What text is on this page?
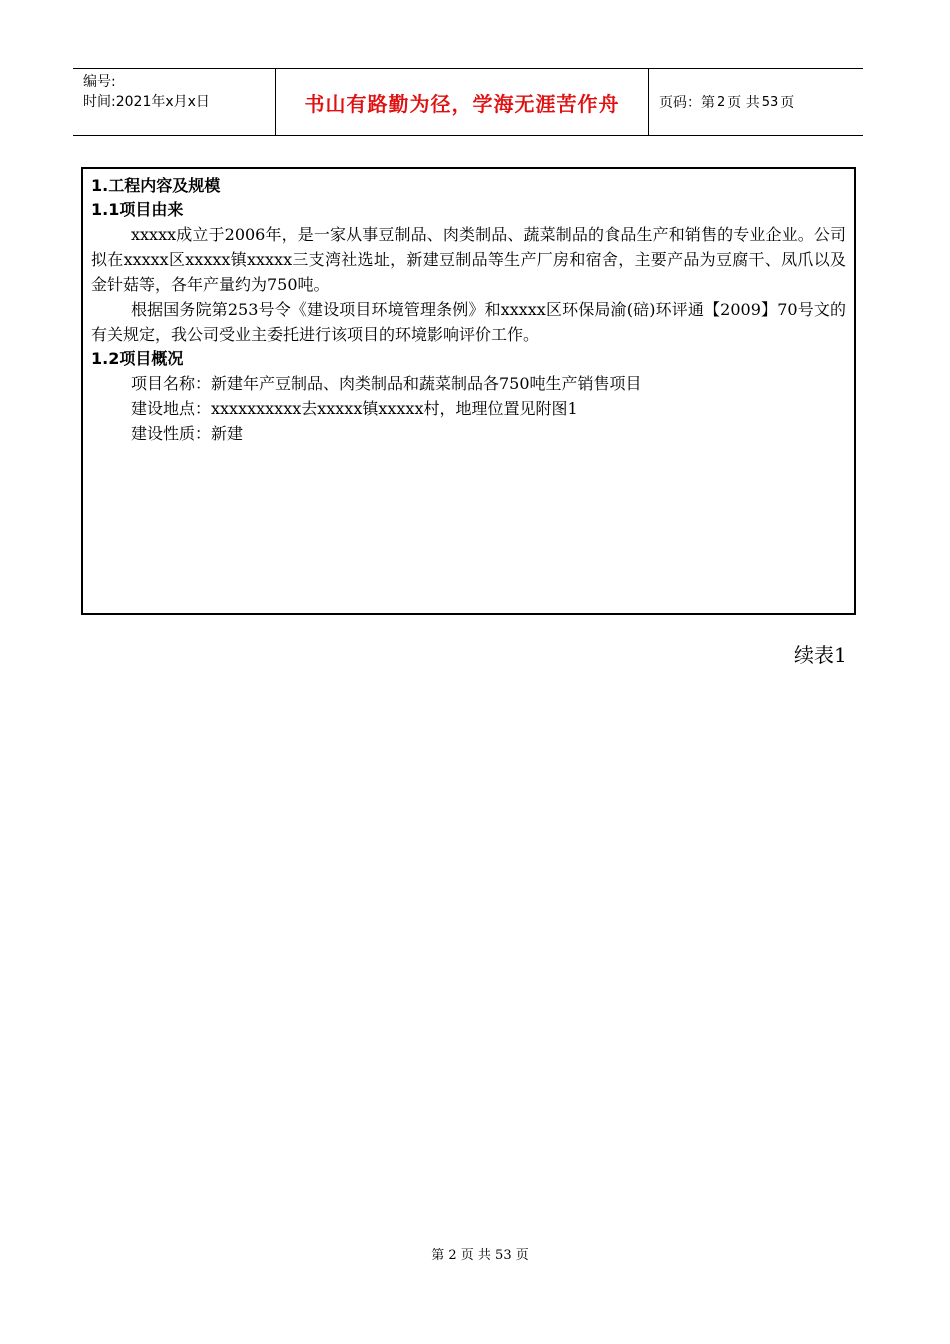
编号:
时间:2021年x月x日	书山有路勤为径，学海无涯苦作舟	页码：第 2 页 共 53 页

1.工程内容及规模

1.1项目由来

xxxxx成立于2006年，是一家从事豆制品、肉类制品、蔬菜制品的食品生产和销售的专业企业。公司拟在xxxxx区xxxxx镇xxxxx三支湾社选址，新建豆制品等生产厂房和宿舍，主要产品为豆腐干、凤爪以及金针菇等，各年产量约为750吨。

根据国务院第253号令《建设项目环境管理条例》和xxxxx区环保局渝(碚)环评通【2009】70号文的有关规定，我公司受业主委托进行该项目的环境影响评价工作。

1.2项目概况

项目名称：新建年产豆制品、肉类制品和蔬菜制品各750吨生产销售项目

建设地点：xxxxxxxxxx去xxxxx镇xxxxx村，地理位置见附图1

建设性质：新建

续表1
第 2 页 共 53 页
